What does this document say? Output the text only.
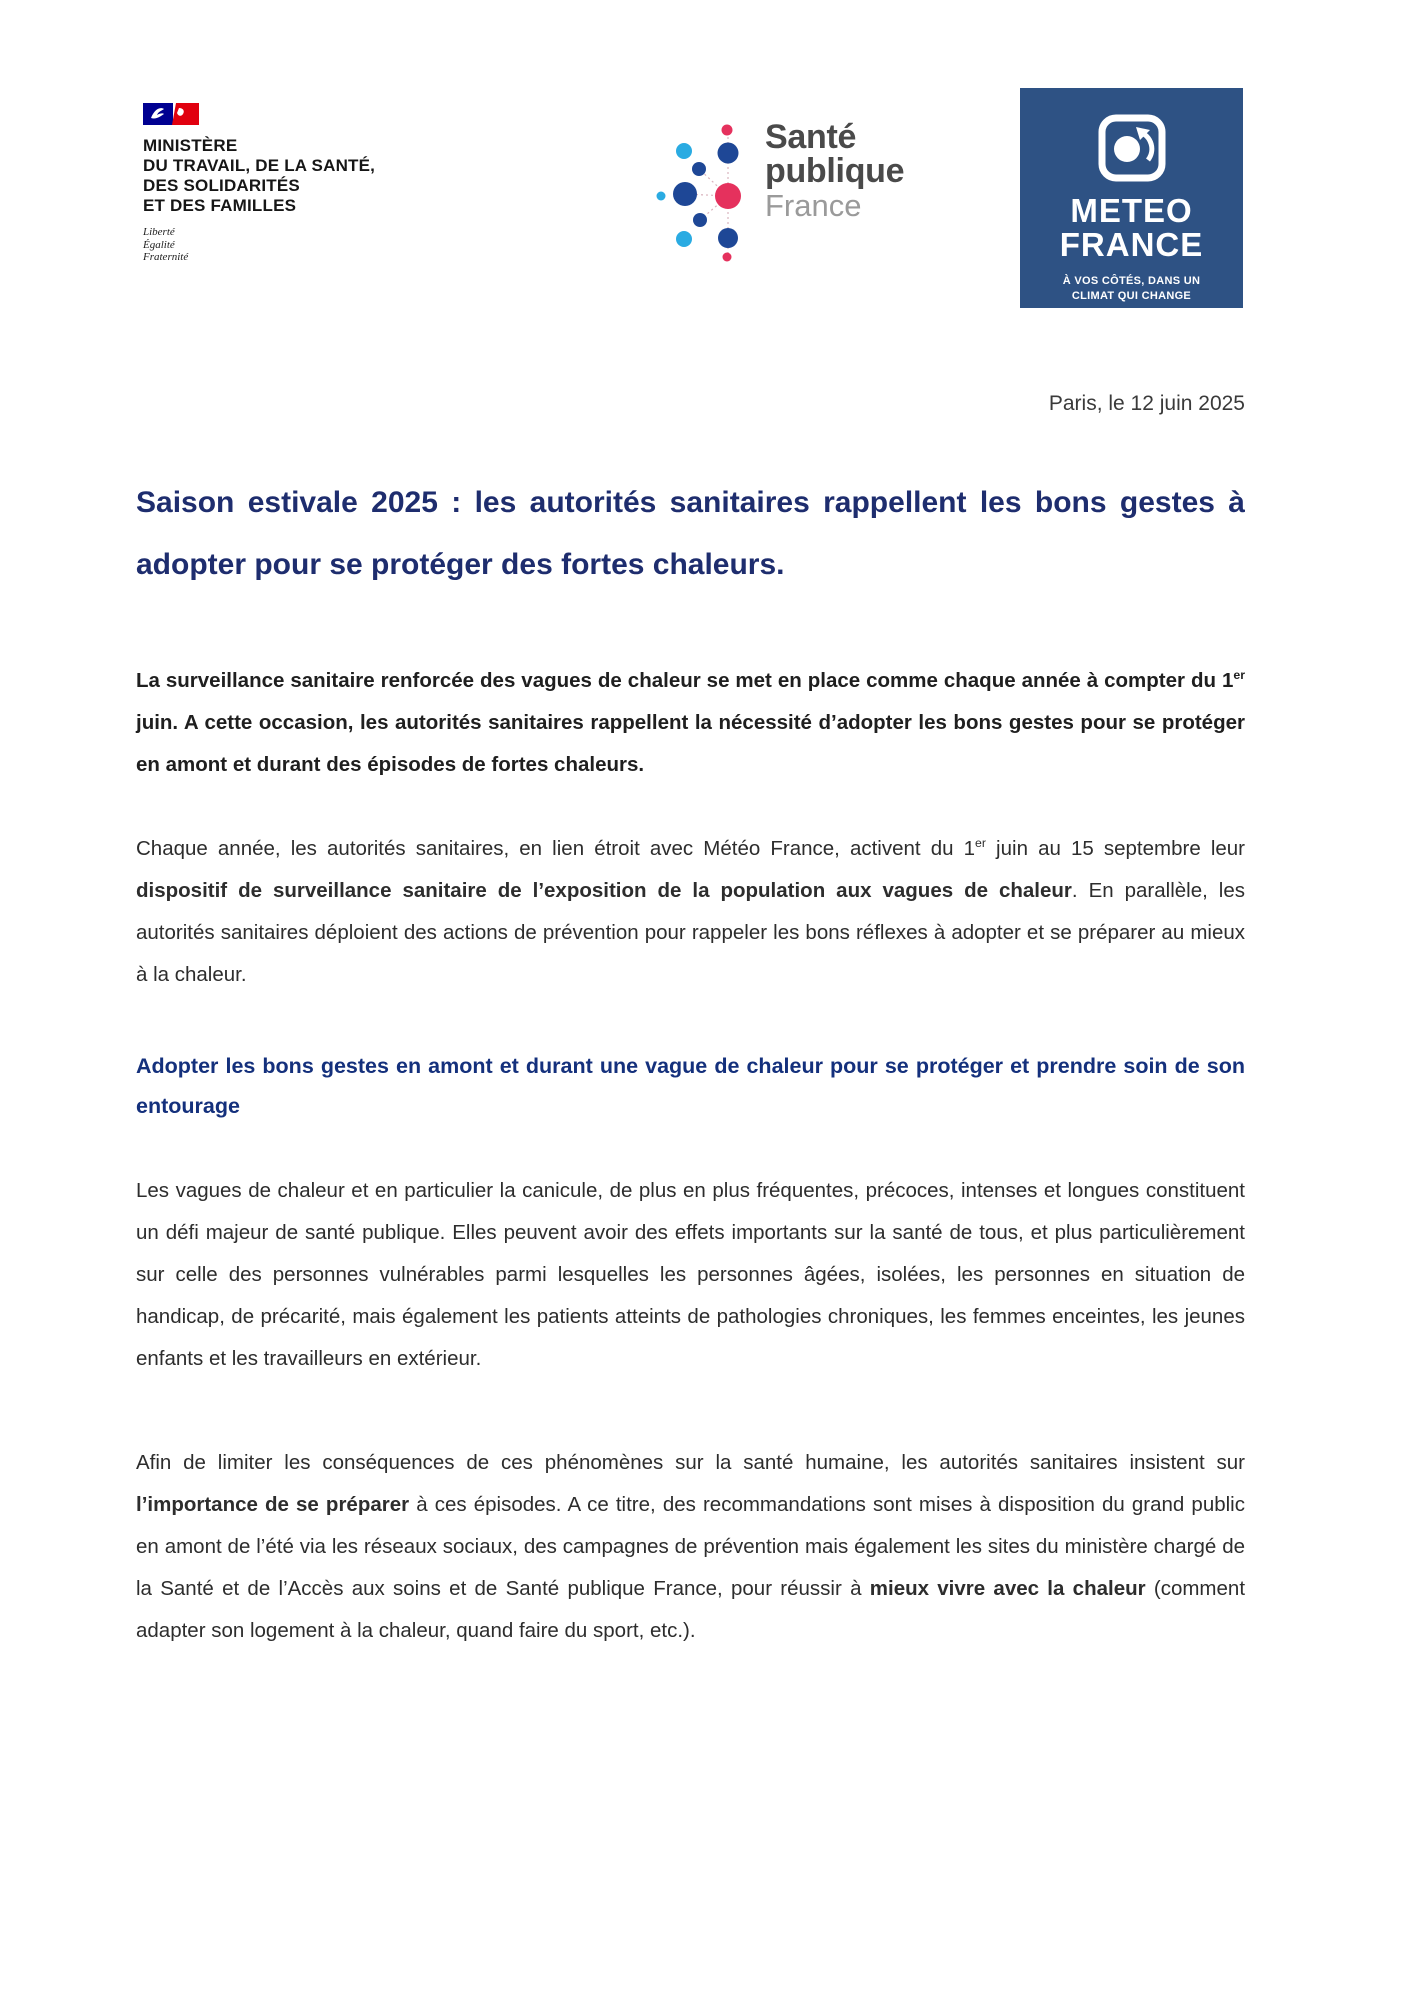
MINISTÈRE
DU TRAVAIL, DE LA SANTÉ,
DES SOLIDARITÉS
ET DES FAMILLES
Liberté
Égalité
Fraternité
Santé
publique
France	METEO
FRANCE
À VOS CÔTÉS, DANS UN
CLIMAT QUI CHANGE
Paris, le 12 juin 2025
Saison estivale 2025 : les autorités sanitaires rappellent les bons gestes à adopter pour se protéger des fortes chaleurs.

La surveillance sanitaire renforcée des vagues de chaleur se met en place comme chaque année à compter du 1er juin. A cette occasion, les autorités sanitaires rappellent la nécessité d’adopter les bons gestes pour se protéger en amont et durant des épisodes de fortes chaleurs.

Chaque année, les autorités sanitaires, en lien étroit avec Météo France, activent du 1er juin au 15 septembre leur dispositif de surveillance sanitaire de l’exposition de la population aux vagues de chaleur. En parallèle, les autorités sanitaires déploient des actions de prévention pour rappeler les bons réflexes à adopter et se préparer au mieux à la chaleur.

Adopter les bons gestes en amont et durant une vague de chaleur pour se protéger et prendre soin de son entourage

Les vagues de chaleur et en particulier la canicule, de plus en plus fréquentes, précoces, intenses et longues constituent un défi majeur de santé publique. Elles peuvent avoir des effets importants sur la santé de tous, et plus particulièrement sur celle des personnes vulnérables parmi lesquelles les personnes âgées, isolées, les personnes en situation de handicap, de précarité, mais également les patients atteints de pathologies chroniques, les femmes enceintes, les jeunes enfants et les travailleurs en extérieur.

Afin de limiter les conséquences de ces phénomènes sur la santé humaine, les autorités sanitaires insistent sur l’importance de se préparer à ces épisodes. A ce titre, des recommandations sont mises à disposition du grand public en amont de l’été via les réseaux sociaux, des campagnes de prévention mais également les sites du ministère chargé de la Santé et de l’Accès aux soins et de Santé publique France, pour réussir à mieux vivre avec la chaleur (comment adapter son logement à la chaleur, quand faire du sport, etc.).
